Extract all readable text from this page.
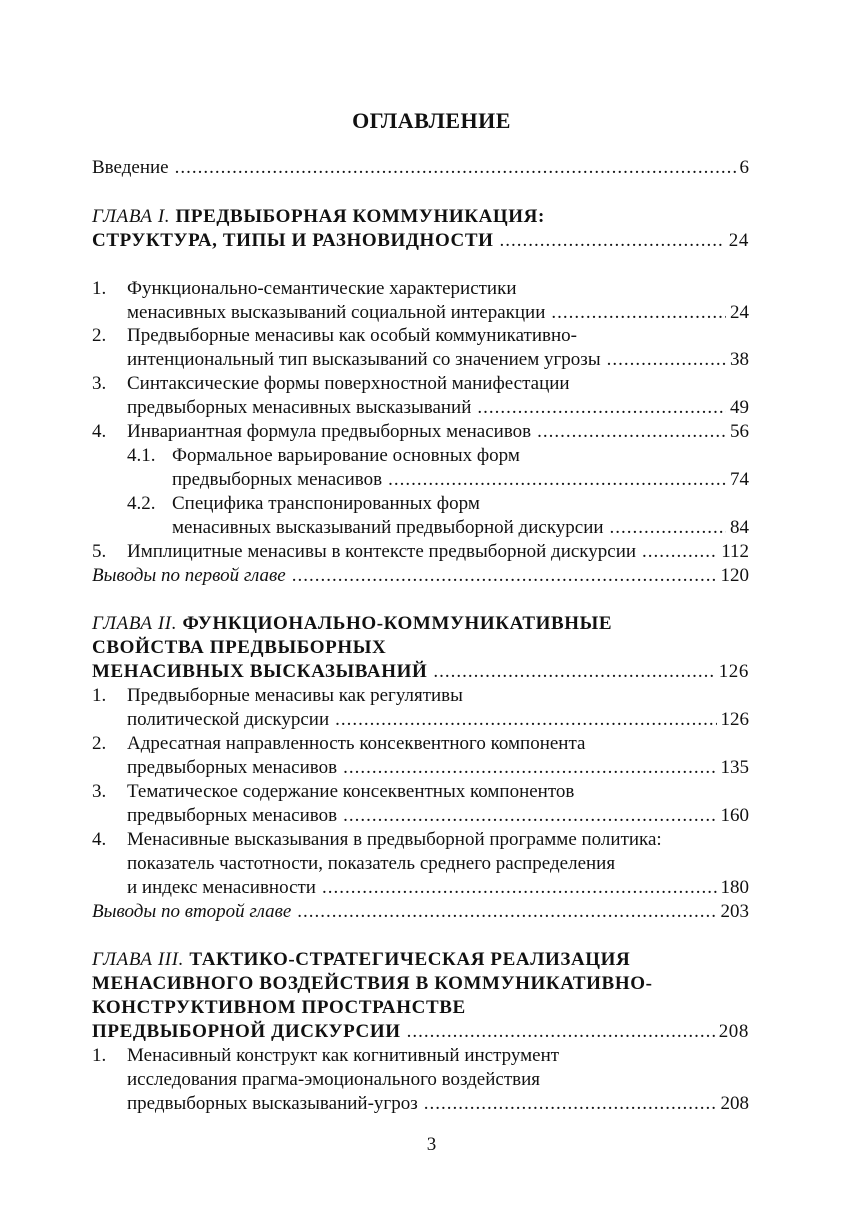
ОГЛАВЛЕНИЕ
Введение .....	6
ГЛАВА I. ПРЕДВЫБОРНАЯ КОММУНИКАЦИЯ:
СТРУКТУРА, ТИПЫ И РАЗНОВИДНОСТИ .....	24
1. Функционально-семантические характеристики
менасивных высказываний социальной интеракции .....	24
2. Предвыборные менасивы как особый коммуникативно-
интенциональный тип высказываний со значением угрозы .....	38
3. Синтаксические формы поверхностной манифестации
предвыборных менасивных высказываний .....	49
4. Инвариантная формула предвыборных менасивов .....	56
4.1. Формальное варьирование основных форм
предвыборных менасивов .....	74
4.2. Специфика транспонированных форм
менасивных высказываний предвыборной дискурсии .....	84
5. Имплицитные менасивы в контексте предвыборной дискурсии .....	112
Выводы по первой главе .....	120
ГЛАВА II. ФУНКЦИОНАЛЬНО-КОММУНИКАТИВНЫЕ
СВОЙСТВА ПРЕДВЫБОРНЫХ
МЕНАСИВНЫХ ВЫСКАЗЫВАНИЙ .....	126
1. Предвыборные менасивы как регулятивы
политической дискурсии .....	126
2. Адресатная направленность консеквентного компонента
предвыборных менасивов .....	135
3. Тематическое содержание консеквентных компонентов
предвыборных менасивов .....	160
4. Менасивные высказывания в предвыборной программе политика:
показатель частотности, показатель среднего распределения
и индекс менасивности .....	180
Выводы по второй главе .....	203
ГЛАВА III. ТАКТИКО-СТРАТЕГИЧЕСКАЯ РЕАЛИЗАЦИЯ
МЕНАСИВНОГО ВОЗДЕЙСТВИЯ В КОММУНИКАТИВНО-
КОНСТРУКТИВНОМ ПРОСТРАНСТВЕ
ПРЕДВЫБОРНОЙ ДИСКУРСИИ .....	208
1. Менасивный конструкт как когнитивный инструмент
исследования прагма-эмоционального воздействия
предвыборных высказываний-угроз .....	208
3
